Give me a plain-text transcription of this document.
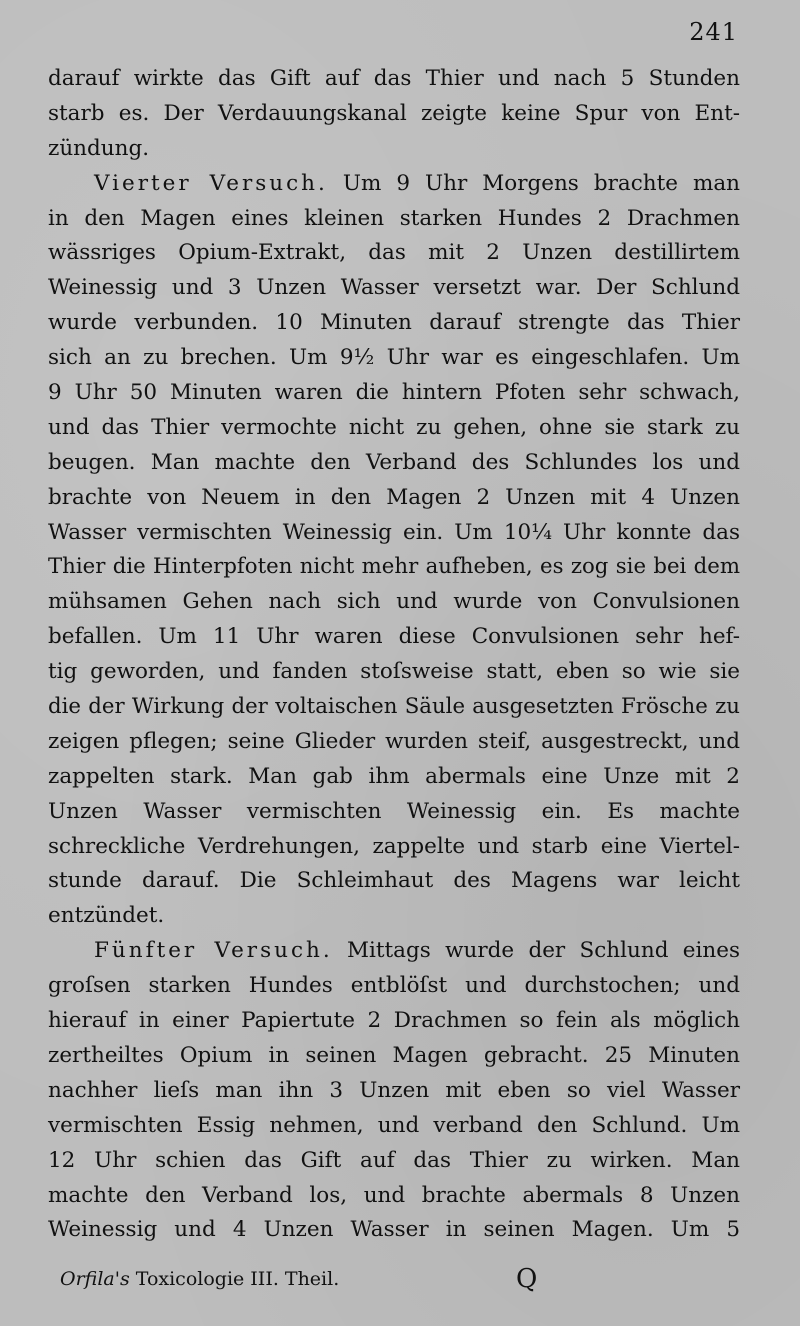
241
darauf wirkte das Gift auf das Thier und nach 5 Stunden
starb es. Der Verdauungskanal zeigte keine Spur von Ent-
zündung.
Vierter Versuch. Um 9 Uhr Morgens brachte man
in den Magen eines kleinen starken Hundes 2 Drachmen
wässriges Opium-Extrakt, das mit 2 Unzen destillirtem
Weinessig und 3 Unzen Wasser versetzt war. Der Schlund
wurde verbunden. 10 Minuten darauf strengte das Thier
sich an zu brechen. Um 9½ Uhr war es eingeschlafen. Um
9 Uhr 50 Minuten waren die hintern Pfoten sehr schwach,
und das Thier vermochte nicht zu gehen, ohne sie stark zu
beugen. Man machte den Verband des Schlundes los und
brachte von Neuem in den Magen 2 Unzen mit 4 Unzen
Wasser vermischten Weinessig ein. Um 10¼ Uhr konnte das
Thier die Hinterpfoten nicht mehr aufheben, es zog sie bei dem
mühsamen Gehen nach sich und wurde von Convulsionen
befallen. Um 11 Uhr waren diese Convulsionen sehr hef-
tig geworden, und fanden stoſsweise statt, eben so wie sie
die der Wirkung der voltaischen Säule ausgesetzten Frösche zu
zeigen pflegen; seine Glieder wurden steif, ausgestreckt, und
zappelten stark. Man gab ihm abermals eine Unze mit 2
Unzen Wasser vermischten Weinessig ein. Es machte
schreckliche Verdrehungen, zappelte und starb eine Viertel-
stunde darauf. Die Schleimhaut des Magens war leicht
entzündet.
Fünfter Versuch. Mittags wurde der Schlund eines
groſsen starken Hundes entblöſst und durchstochen; und
hierauf in einer Papiertute 2 Drachmen so fein als möglich
zertheiltes Opium in seinen Magen gebracht. 25 Minuten
nachher lieſs man ihn 3 Unzen mit eben so viel Wasser
vermischten Essig nehmen, und verband den Schlund. Um
12 Uhr schien das Gift auf das Thier zu wirken. Man
machte den Verband los, und brachte abermals 8 Unzen
Weinessig und 4 Unzen Wasser in seinen Magen. Um 5
Orfila's Toxicologie III. Theil.	Q
